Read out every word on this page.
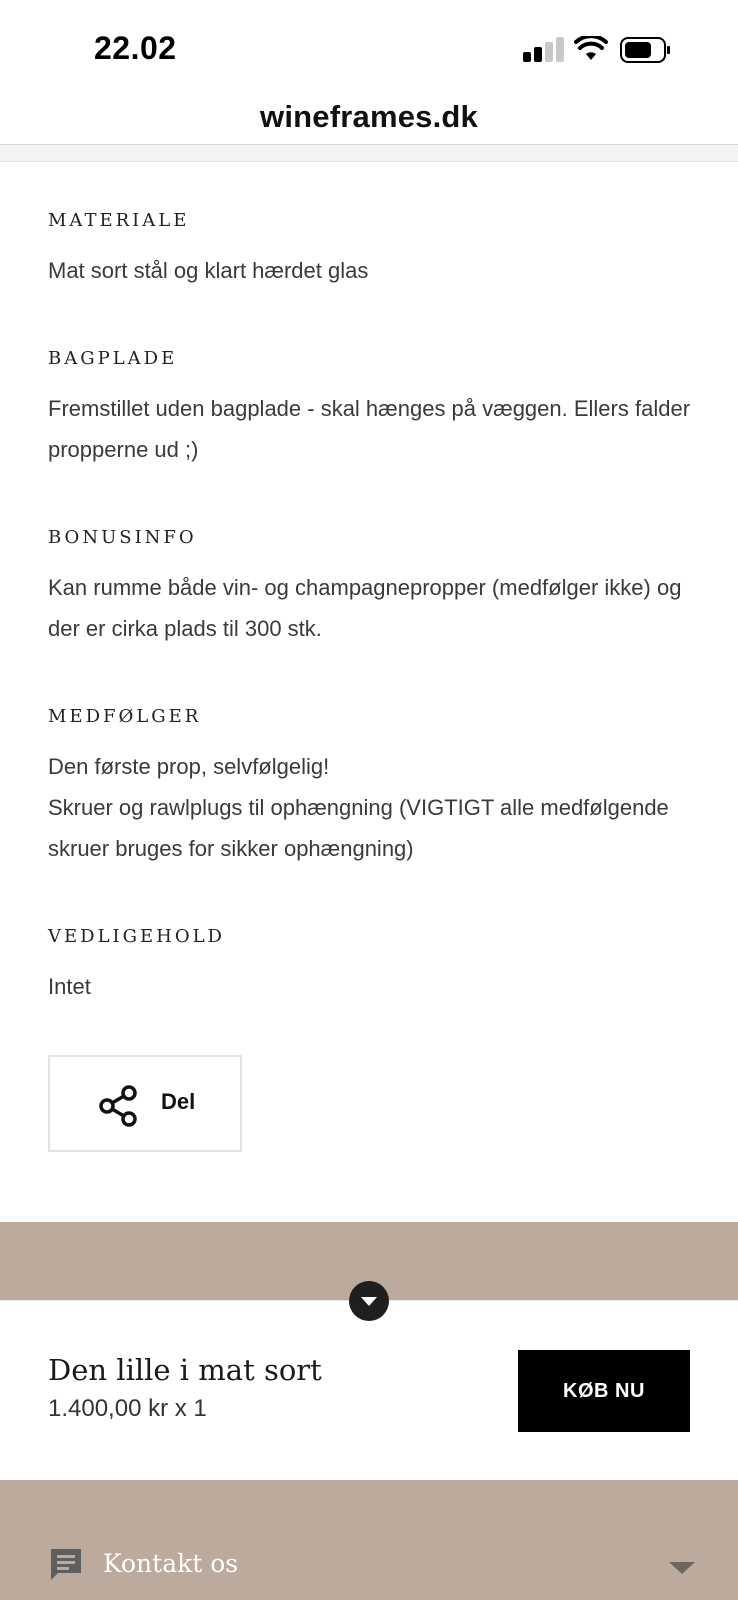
22.02
wineframes.dk
MATERIALE
Mat sort stål og klart hærdet glas
BAGPLADE
Fremstillet uden bagplade - skal hænges på væggen. Ellers falder propperne ud ;)
BONUSINFO
Kan rumme både vin- og champagnepropper (medfølger ikke) og der er cirka plads til 300 stk.
MEDFØLGER
Den første prop, selvfølgelig!
Skruer og rawlplugs til ophængning (VIGTIGT alle medfølgende skruer bruges for sikker ophængning)
VEDLIGEHOLD
Intet
Del
Den lille i mat sort
1.400,00 kr x 1
KØB NU
Kontakt os
